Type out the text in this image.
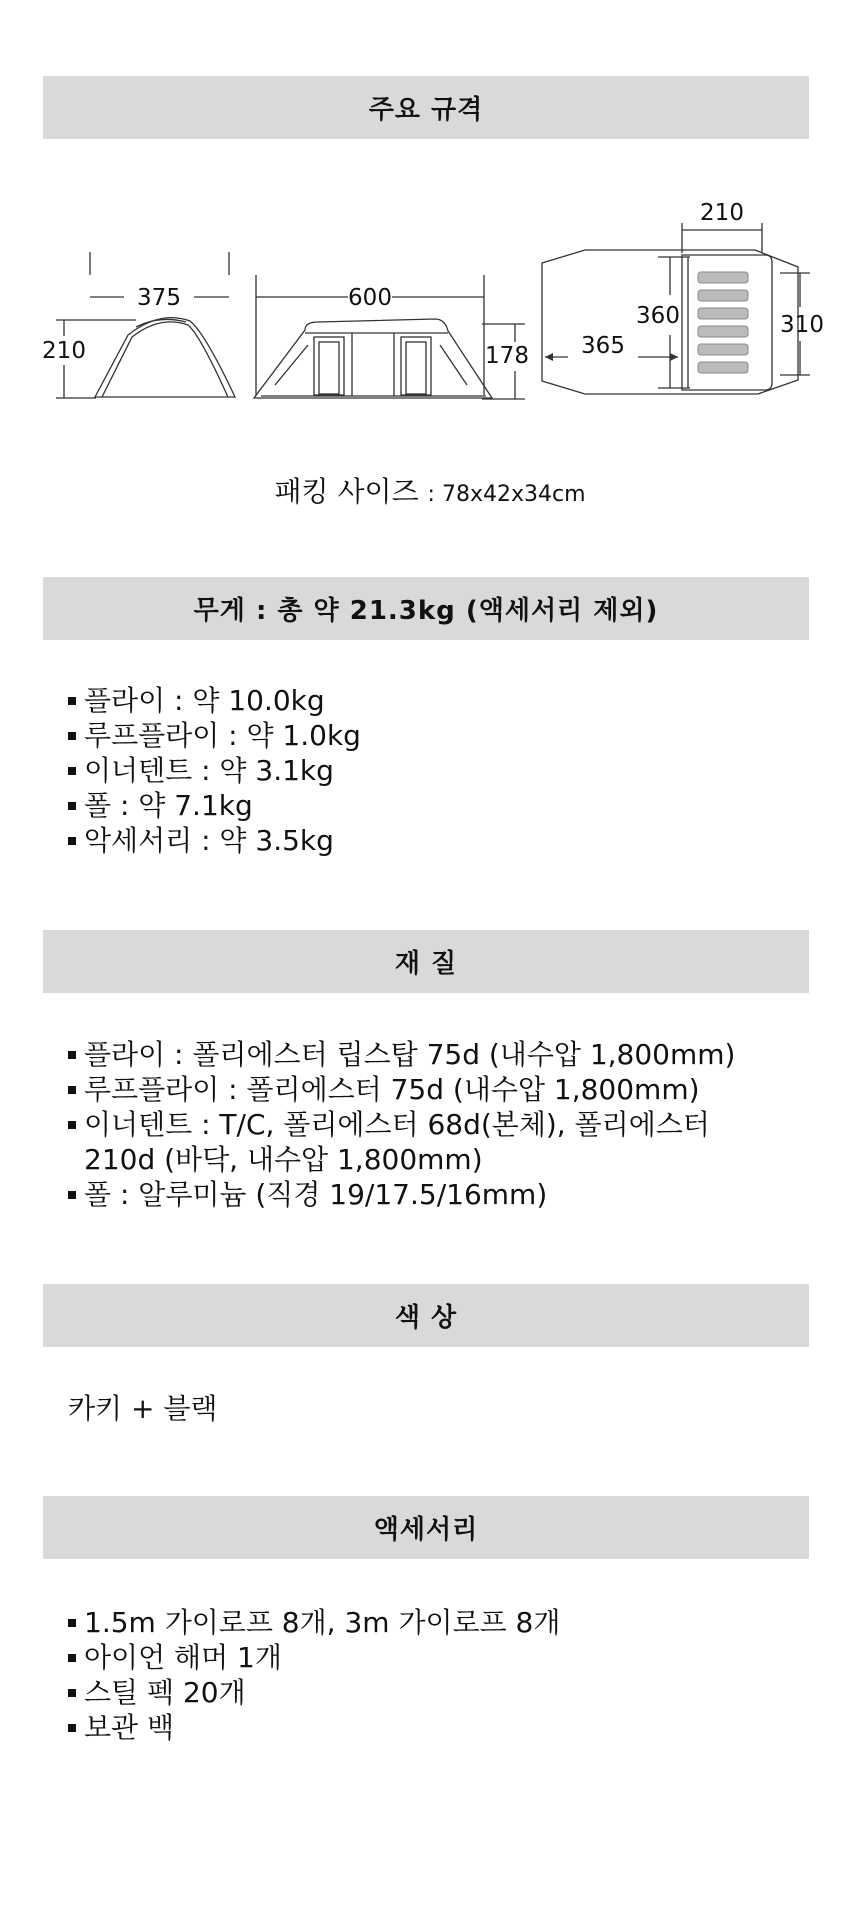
주요 규격
375
210
600
178
210
365
360	310
패킹 사이즈 : 78x42x34cm
무게 : 총 약 21.3kg (액세서리 제외)
플라이 : 약 10.0kg
루프플라이 : 약 1.0kg
이너텐트 : 약 3.1kg
폴 : 약 7.1kg
악세서리 : 약 3.5kg
재 질
플라이 : 폴리에스터 립스탑 75d (내수압 1,800mm)
루프플라이 : 폴리에스터 75d (내수압 1,800mm)
이너텐트 : T/C, 폴리에스터 68d(본체), 폴리에스터 210d (바닥, 내수압 1,800mm)
폴 : 알루미늄 (직경 19/17.5/16mm)
색 상
카키 + 블랙
액세서리
1.5m 가이로프 8개, 3m 가이로프 8개
아이언 해머 1개
스틸 펙 20개
보관 백
